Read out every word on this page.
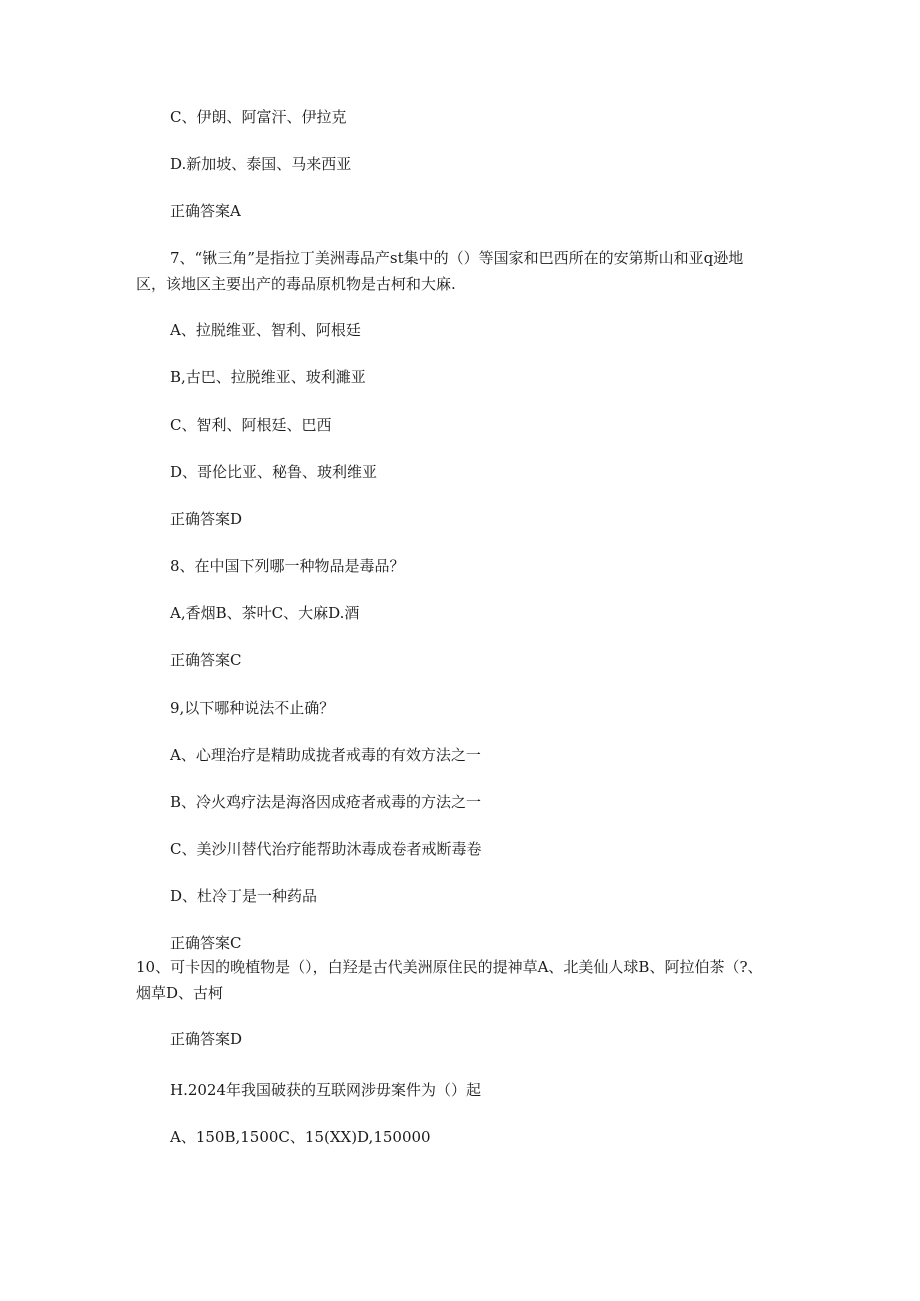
C、伊朗、阿富汗、伊拉克

D.新加坡、泰国、马来西亚

正确答案A

7、“锹三角”是指拉丁美洲毒品产st集中的（）等国家和巴西所在的安第斯山和亚q逊地

区，该地区主要出产的毒品原机物是古柯和大麻.

A、拉脱维亚、智利、阿根廷

B,古巴、拉脱维亚、玻利濉亚

C、智利、阿根廷、巴西

D、哥伦比亚、秘鲁、玻利维亚

正确答案D

8、在中国下列哪一种物品是毒品？

A,香烟B、茶叶C、大麻D.酒

正确答案C

9,以下哪种说法不止确？

A、心理治疗是精助成拢者戒毒的有效方法之一

B、冷火鸡疗法是海洛因成疮者戒毒的方法之一

C、美沙川替代治疗能帮助沐毒成卷者戒断毒卷

D、杜冷丁是一种药品

正确答案C

10、可卡因的晚植物是（），白羟是古代美洲原住民的提神草A、北美仙人球B、阿拉伯茶（?、

烟草D、古柯

正确答案D

H.2024年我国破获的互联网涉毋案件为（）起

A、150B,1500C、15(XX)D,150000
